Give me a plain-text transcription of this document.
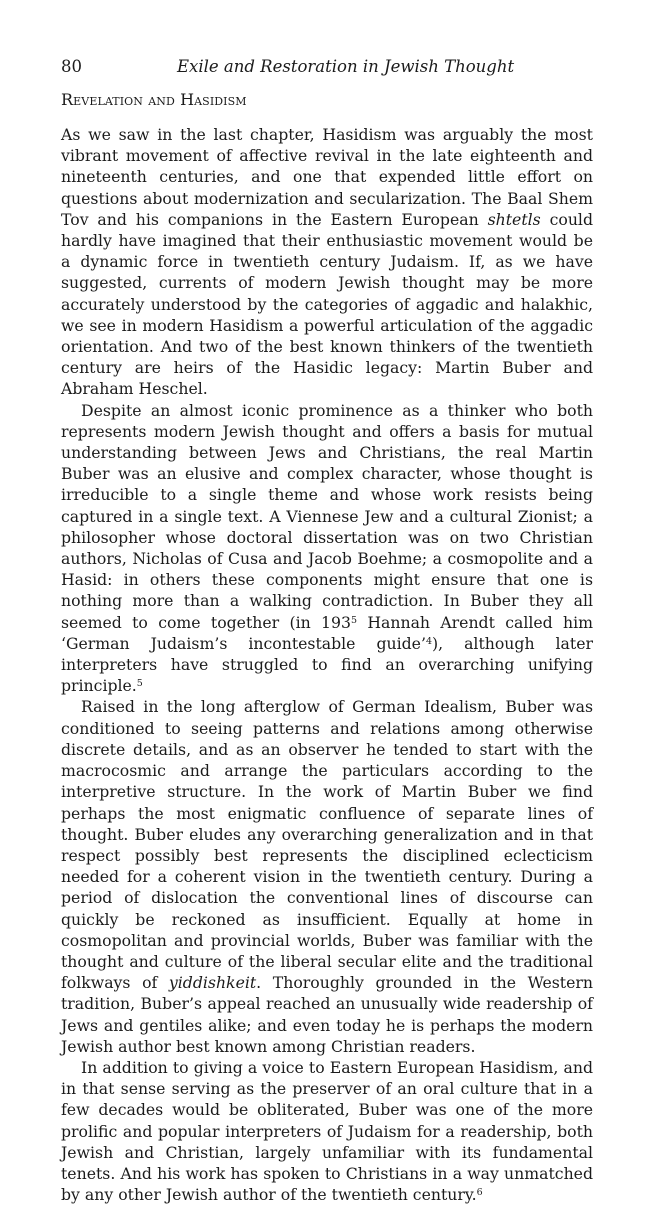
80	Exile and Restoration in Jewish Thought
Revelation and Hasidism

As we saw in the last chapter, Hasidism was arguably the most vibrant movement of affective revival in the late eighteenth and nineteenth centuries, and one that expended little effort on questions about modernization and secularization. The Baal Shem Tov and his companions in the Eastern European shtetls could hardly have imagined that their enthusiastic movement would be a dynamic force in twentieth century Judaism. If, as we have suggested, currents of modern Jewish thought may be more accurately understood by the categories of aggadic and halakhic, we see in modern Hasidism a powerful articulation of the aggadic orientation. And two of the best known thinkers of the twentieth century are heirs of the Hasidic legacy: Martin Buber and Abraham Heschel.

Despite an almost iconic prominence as a thinker who both represents modern Jewish thought and offers a basis for mutual understanding between Jews and Christians, the real Martin Buber was an elusive and complex character, whose thought is irreducible to a single theme and whose work resists being captured in a single text. A Viennese Jew and a cultural Zionist; a philosopher whose doctoral dissertation was on two Christian authors, Nicholas of Cusa and Jacob Boehme; a cosmopolite and a Hasid: in others these components might ensure that one is nothing more than a walking contradiction. In Buber they all seemed to come together (in $193^5$ Hannah Arendt called him ‘German Judaism’s incontestable guide’$^4$), although later interpreters have struggled to find an overarching unifying principle.$^5$

Raised in the long afterglow of German Idealism, Buber was conditioned to seeing patterns and relations among otherwise discrete details, and as an observer he tended to start with the macrocosmic and arrange the particulars according to the interpretive structure. In the work of Martin Buber we find perhaps the most enigmatic confluence of separate lines of thought. Buber eludes any overarching generalization and in that respect possibly best represents the disciplined eclecticism needed for a coherent vision in the twentieth century. During a period of dislocation the conventional lines of discourse can quickly be reckoned as insufficient. Equally at home in cosmopolitan and provincial worlds, Buber was familiar with the thought and culture of the liberal secular elite and the traditional folkways of yiddishkeit. Thoroughly grounded in the Western tradition, Buber’s appeal reached an unusually wide readership of Jews and gentiles alike; and even today he is perhaps the modern Jewish author best known among Christian readers.

In addition to giving a voice to Eastern European Hasidism, and in that sense serving as the preserver of an oral culture that in a few decades would be obliterated, Buber was one of the more prolific and popular interpreters of Judaism for a readership, both Jewish and Christian, largely unfamiliar with its fundamental tenets. And his work has spoken to Christians in a way unmatched by any other Jewish author of the twentieth century.$^6$
